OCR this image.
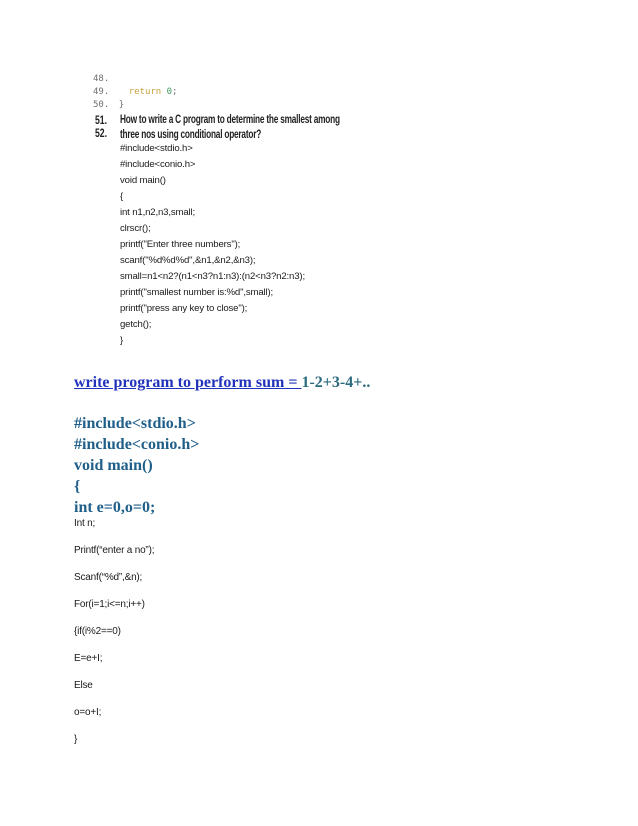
48.
49. return 0;
50. }
51.
52.
How to write a C program to determine the smallest among
three nos using conditional operator?
#include<stdio.h>
#include<conio.h>
void main()
{
int n1,n2,n3,small;
clrscr();
printf("Enter three numbers");
scanf("%d%d%d",&n1,&n2,&n3);
small=n1<n2?(n1<n3?n1:n3):(n2<n3?n2:n3);
printf("smallest number is:%d",small);
printf("press any key to close");
getch();
}
write program to perform sum = 1-2+3-4+..
#include<stdio.h>
#include<conio.h>
void main()
{
int e=0,o=0;
Int n;
Printf(“enter a no”);
Scanf(“%d”,&n);
For(i=1;i<=n;i++)
{if(i%2==0)
E=e+I;
Else
o=o+I;
}
